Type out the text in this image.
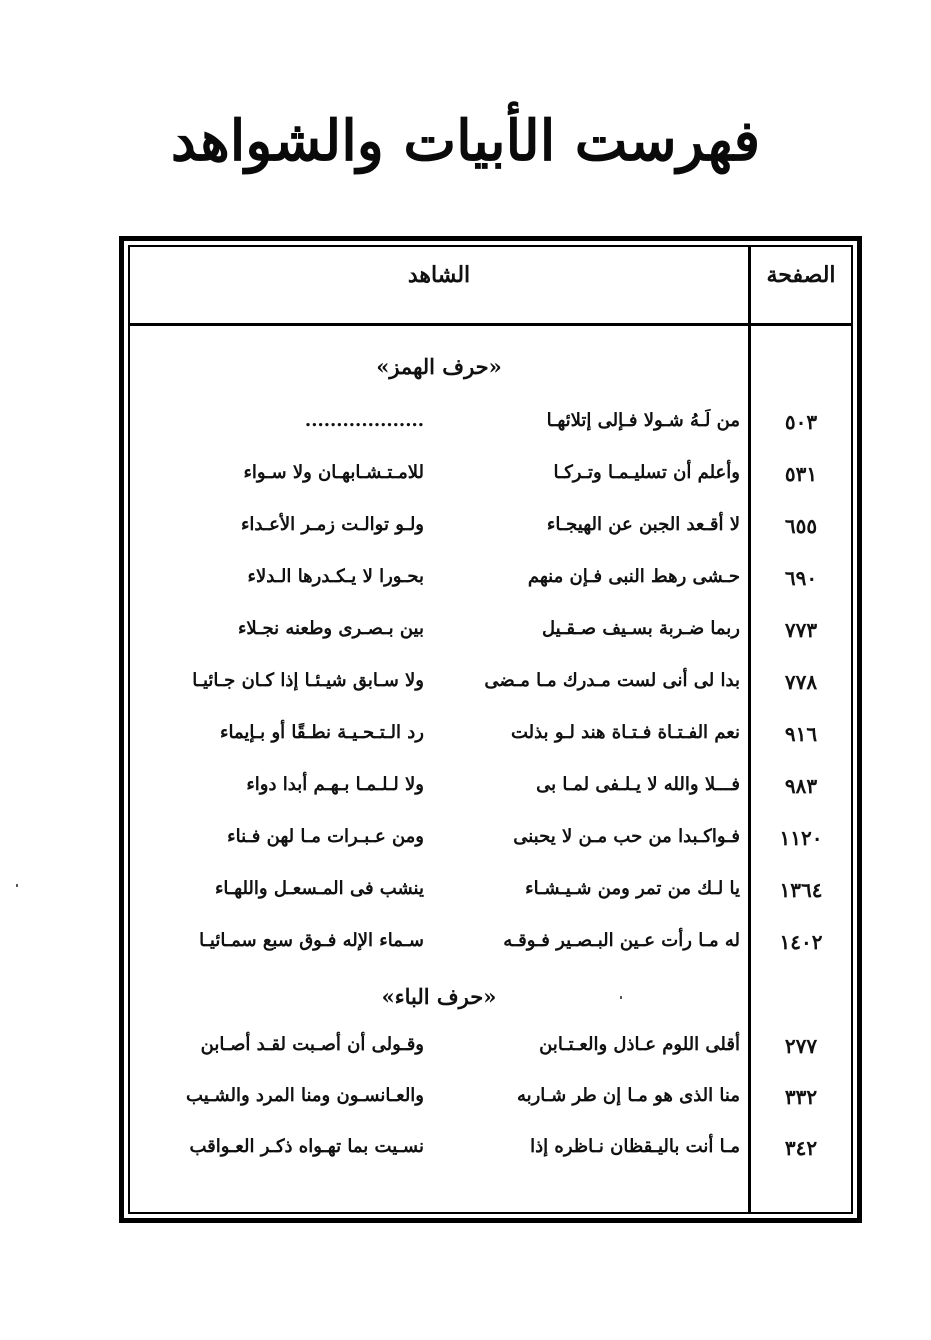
فهرست الأبيات والشواهد
الصفحة
الشاهد
«حرف الهمز»
٥٠٣
من لَـهُ شـولا فـإلى إتلائهـا
...................
٥٣١
وأعلم أن تسليـمـا وتـركـا
للامـتـشـابهـان ولا سـواء
٦٥٥
لا أقـعد الجبن عن الهيجـاء
ولـو توالـت زمـر الأعـداء
٦٩٠
حـشى رهط النبى فـإن منهم
بحـورا لا يـكـدرها الـدلاء
٧٧٣
ربما ضـربة بسـيف صـقـيل
بين بـصـرى وطعنه نجـلاء
٧٧٨
بدا لى أنى لست مـدرك مـا مـضى
ولا سـابق شيـئـا إذا كـان جـائيـا
٩١٦
نعم الفـتـاة فـتـاة هند لـو بذلت
رد الـتـحـيـة نطـقًا أو بـإيماء
٩٨٣
فـــلا والله لا يـلـفى لمـا بى
ولا لـلـمـا بـهـم أبدا دواء
١١٢٠
فـواكـبدا من حب مـن لا يحبنى
ومن عـبـرات مـا لهن فـناء
١٣٦٤
يا لـك من تمر ومن شـيـشـاء
ينشب فى المـسعـل واللهـاء
١٤٠٢
له مـا رأت عـين البـصـير فـوقـه
سـماء الإله فـوق سبع سمـائيـا
«حرف الباء»
٢٧٧
أقلى اللوم عـاذل والعـتـابن
وقـولى أن أصـبت لقـد أصـابن
٣٣٢
منا الذى هو مـا إن طر شـاربه
والعـانسـون ومنا المرد والشـيب
٣٤٢
مـا أنت باليـقظان نـاظره إذا
نسـيت بما تهـواه ذكـر العـواقب
